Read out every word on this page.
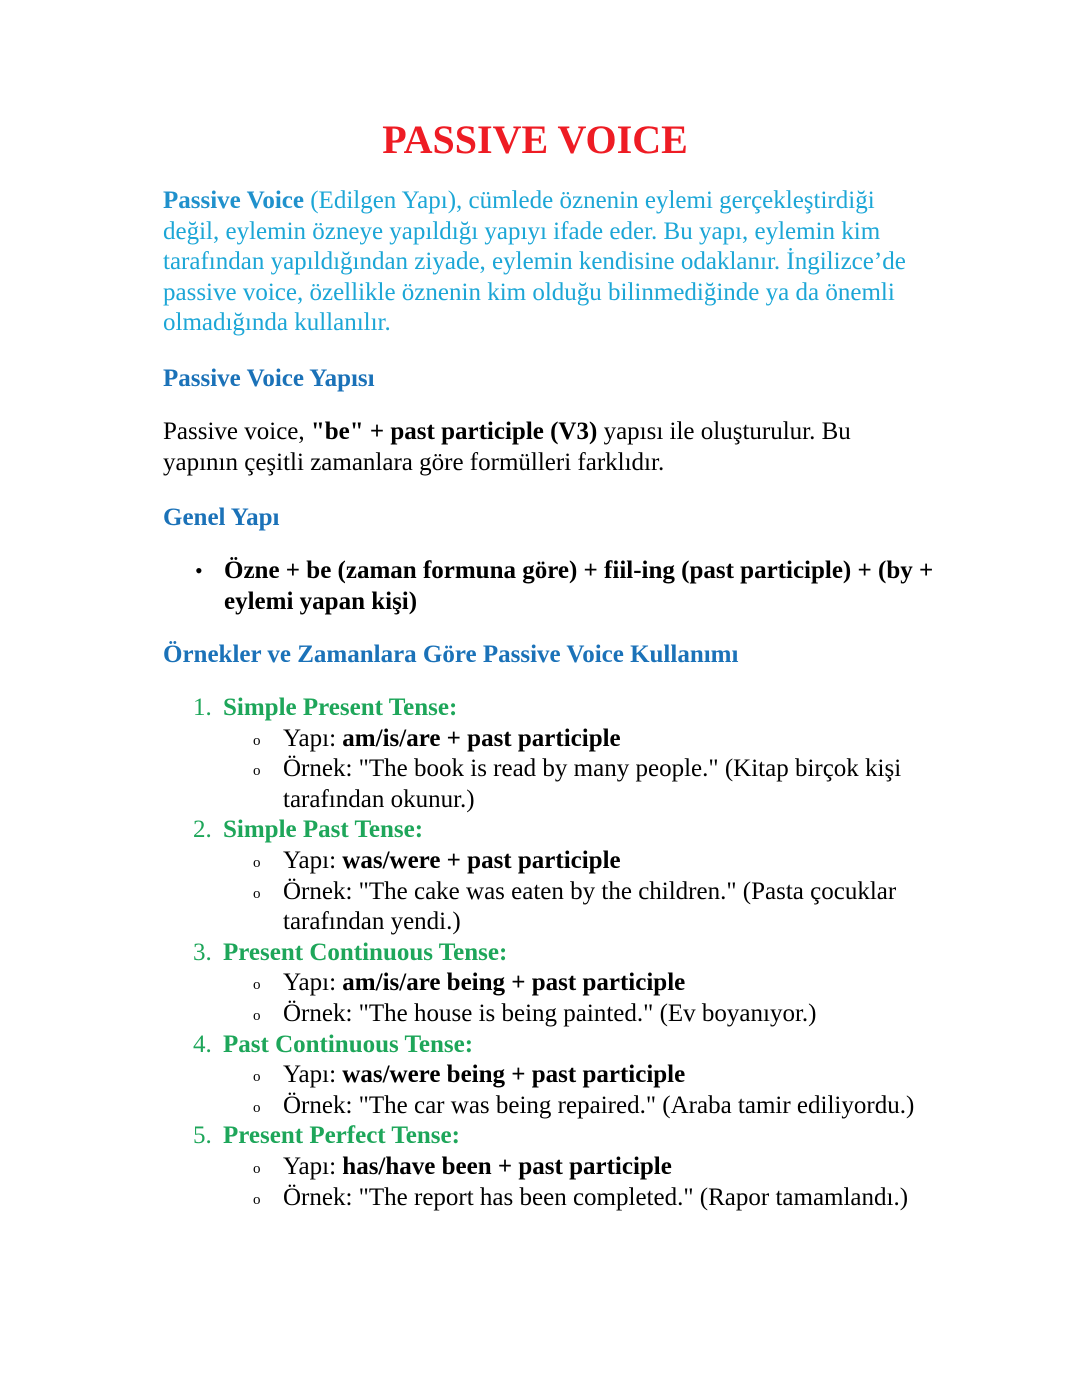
PASSIVE VOICE
Passive Voice (Edilgen Yapı), cümlede öznenin eylemi gerçekleştirdiği değil, eylemin özneye yapıldığı yapıyı ifade eder. Bu yapı, eylemin kim tarafından yapıldığından ziyade, eylemin kendisine odaklanır. İngilizce’de passive voice, özellikle öznenin kim olduğu bilinmediğinde ya da önemli olmadığında kullanılır.
Passive Voice Yapısı
Passive voice, "be" + past participle (V3) yapısı ile oluşturulur. Bu yapının çeşitli zamanlara göre formülleri farklıdır.
Genel Yapı
• Özne + be (zaman formuna göre) + fiil-ing (past participle) + (by + eylemi yapan kişi)
Örnekler ve Zamanlara Göre Passive Voice Kullanımı
1. Simple Present Tense:
o Yapı: am/is/are + past participle
o Örnek: "The book is read by many people." (Kitap birçok kişi tarafından okunur.)
2. Simple Past Tense:
o Yapı: was/were + past participle
o Örnek: "The cake was eaten by the children." (Pasta çocuklar tarafından yendi.)
3. Present Continuous Tense:
o Yapı: am/is/are being + past participle
o Örnek: "The house is being painted." (Ev boyanıyor.)
4. Past Continuous Tense:
o Yapı: was/were being + past participle
o Örnek: "The car was being repaired." (Araba tamir ediliyordu.)
5. Present Perfect Tense:
o Yapı: has/have been + past participle
o Örnek: "The report has been completed." (Rapor tamamlandı.)
